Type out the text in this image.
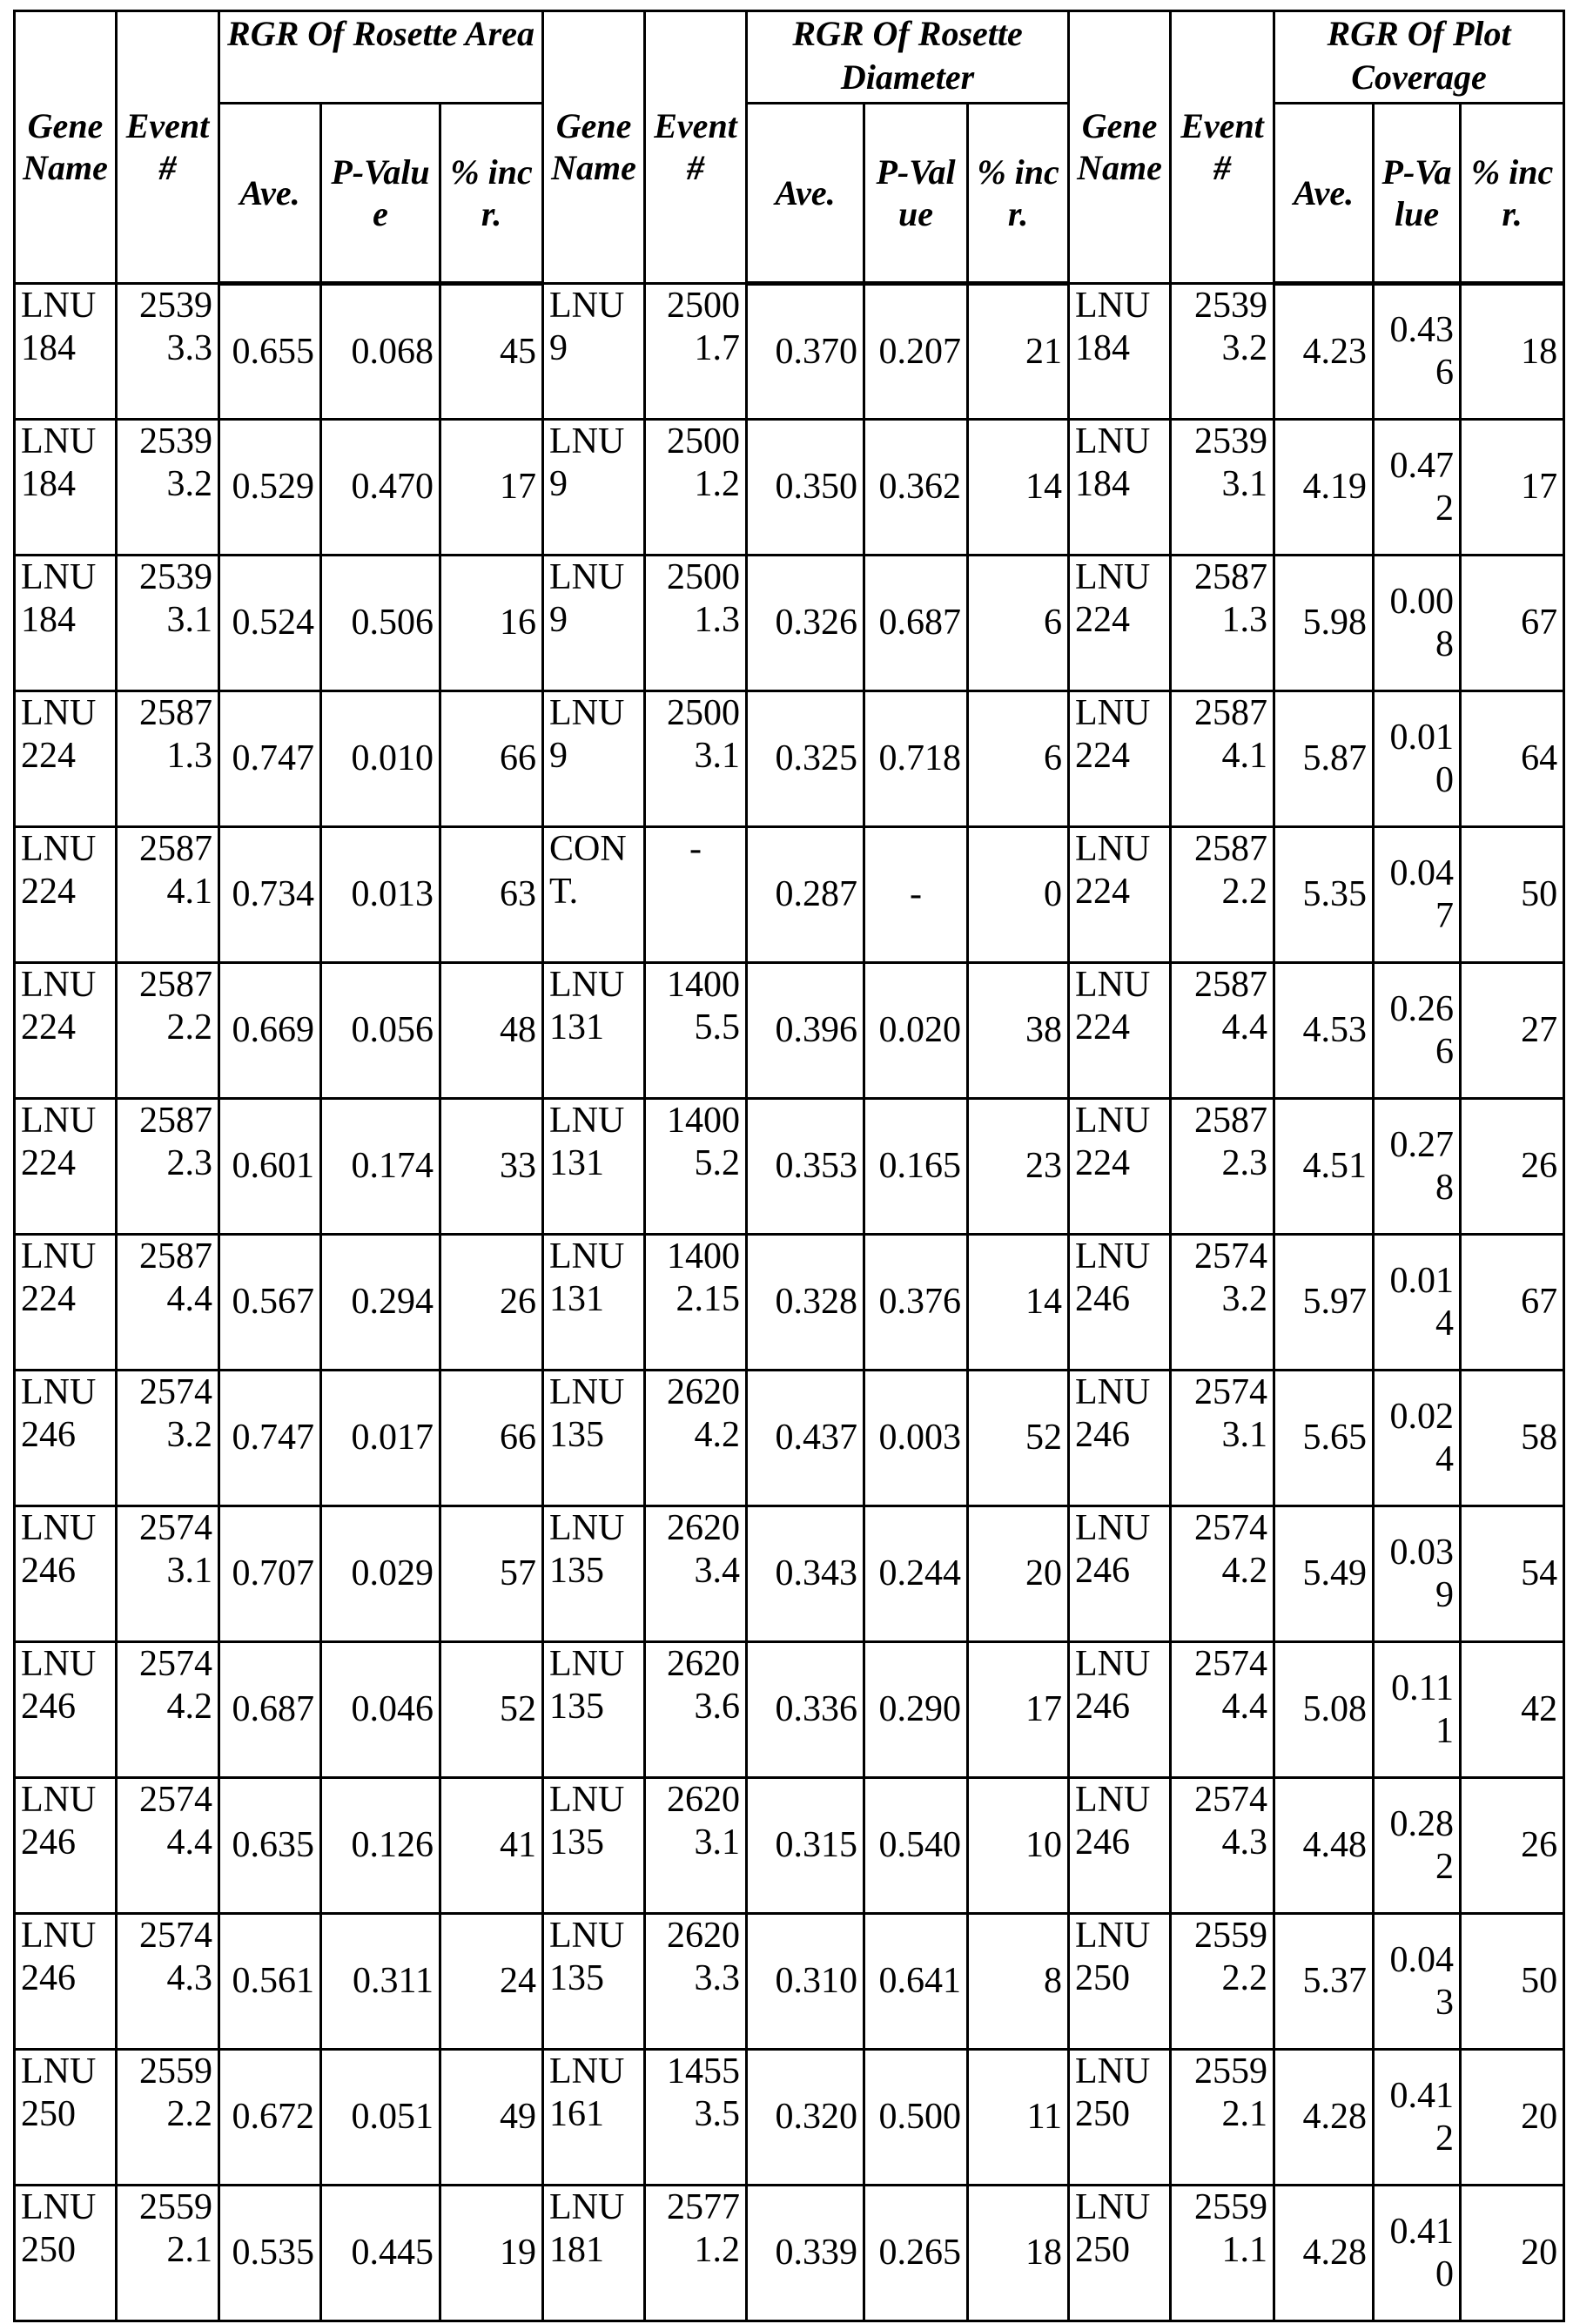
Gene Name	Event #	RGR Of Rosette Area			Gene Name	Event #	RGR Of Rosette Diameter			Gene Name	Event #	RGR Of Plot Coverage		
		Ave.	P-Value	% incr.			Ave.	P-Value	% incr.			Ave.	P-Value	% incr.
LNU184	25393.3	0.655	0.068	45	LNU9	25001.7	0.370	0.207	21	LNU184	25393.2	4.23	0.436	18
LNU184	25393.2	0.529	0.470	17	LNU9	25001.2	0.350	0.362	14	LNU184	25393.1	4.19	0.472	17
LNU184	25393.1	0.524	0.506	16	LNU9	25001.3	0.326	0.687	6	LNU224	25871.3	5.98	0.008	67
LNU224	25871.3	0.747	0.010	66	LNU9	25003.1	0.325	0.718	6	LNU224	25874.1	5.87	0.010	64
LNU224	25874.1	0.734	0.013	63	CONT.	-	0.287	-	0	LNU224	25872.2	5.35	0.047	50
LNU224	25872.2	0.669	0.056	48	LNU131	14005.5	0.396	0.020	38	LNU224	25874.4	4.53	0.266	27
LNU224	25872.3	0.601	0.174	33	LNU131	14005.2	0.353	0.165	23	LNU224	25872.3	4.51	0.278	26
LNU224	25874.4	0.567	0.294	26	LNU131	14002.15	0.328	0.376	14	LNU246	25743.2	5.97	0.014	67
LNU246	25743.2	0.747	0.017	66	LNU135	26204.2	0.437	0.003	52	LNU246	25743.1	5.65	0.024	58
LNU246	25743.1	0.707	0.029	57	LNU135	26203.4	0.343	0.244	20	LNU246	25744.2	5.49	0.039	54
LNU246	25744.2	0.687	0.046	52	LNU135	26203.6	0.336	0.290	17	LNU246	25744.4	5.08	0.111	42
LNU246	25744.4	0.635	0.126	41	LNU135	26203.1	0.315	0.540	10	LNU246	25744.3	4.48	0.282	26
LNU246	25744.3	0.561	0.311	24	LNU135	26203.3	0.310	0.641	8	LNU250	25592.2	5.37	0.043	50
LNU250	25592.2	0.672	0.051	49	LNU161	14553.5	0.320	0.500	11	LNU250	25592.1	4.28	0.412	20
LNU250	25592.1	0.535	0.445	19	LNU181	25771.2	0.339	0.265	18	LNU250	25591.1	4.28	0.410	20
